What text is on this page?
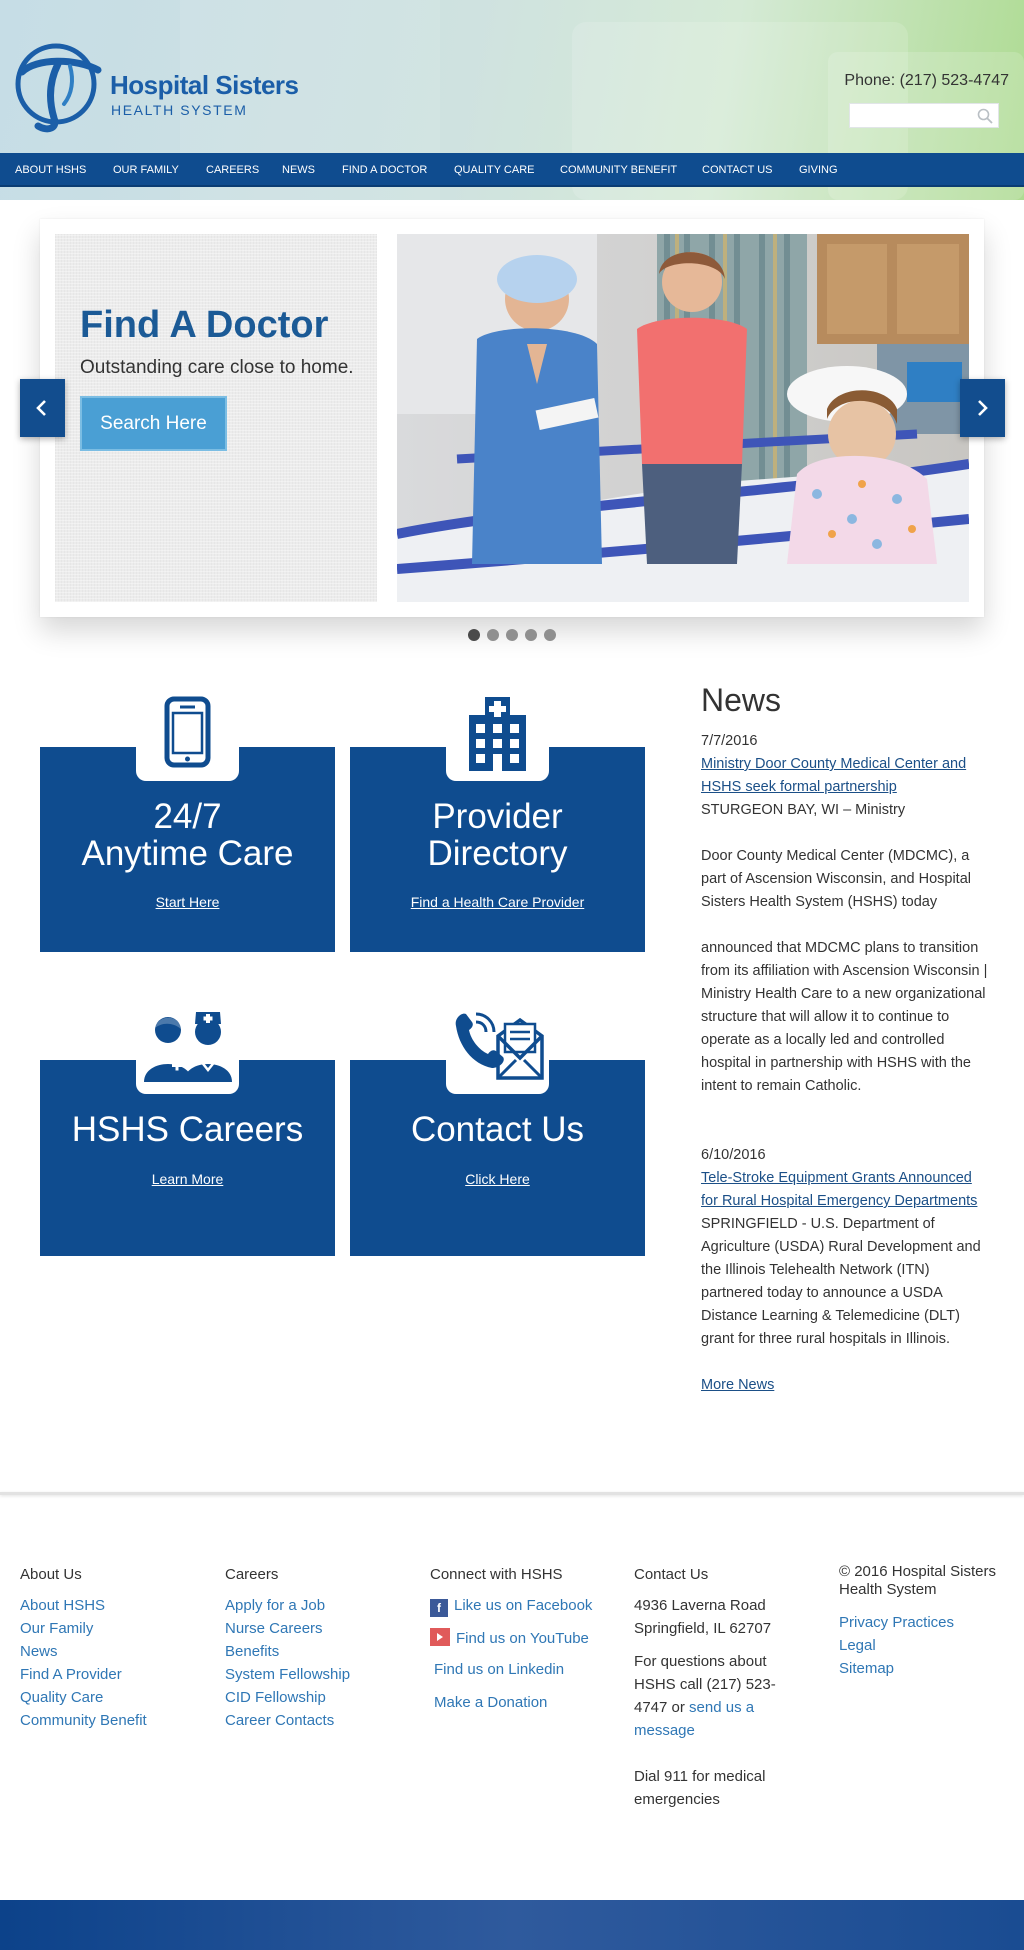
Hospital Sisters
HEALTH SYSTEM
Phone: (217) 523-4747
ABOUT HSHS OUR FAMILY CAREERS NEWS FIND A DOCTOR QUALITY CARE COMMUNITY BENEFIT CONTACT US GIVING
Find A Doctor
Outstanding care close to home.
Search Here
24/7
Anytime Care
Start Here
Provider
Directory
Find a Health Care Provider
HSHS Careers
Learn More
Contact Us
Click Here
News

7/7/2016

Ministry Door County Medical Center and HSHS seek formal partnership

STURGEON BAY, WI – Ministry

Door County Medical Center (MDCMC), a part of Ascension Wisconsin, and Hospital Sisters Health System (HSHS) today

announced that MDCMC plans to transition from its affiliation with Ascension Wisconsin | Ministry Health Care to a new organizational structure that will allow it to continue to operate as a locally led and controlled hospital in partnership with HSHS with the intent to remain Catholic.

6/10/2016

Tele-Stroke Equipment Grants Announced for Rural Hospital Emergency Departments

SPRINGFIELD - U.S. Department of Agriculture (USDA) Rural Development and the Illinois Telehealth Network (ITN) partnered today to announce a USDA Distance Learning & Telemedicine (DLT) grant for three rural hospitals in Illinois.

More News
About Us
About HSHS
Our Family
News
Find A Provider
Quality Care
Community Benefit
Careers
Apply for a Job
Nurse Careers
Benefits
System Fellowship
CID Fellowship
Career Contacts
Connect with HSHS
f Like us on Facebook
Find us on YouTube
Find us on Linkedin
Make a Donation
Contact Us
4936 Laverna Road
Springfield, IL 62707
For questions about HSHS call (217) 523-4747 or send us a message
Dial 911 for medical emergencies
© 2016 Hospital Sisters Health System
Privacy Practices
Legal
Sitemap
